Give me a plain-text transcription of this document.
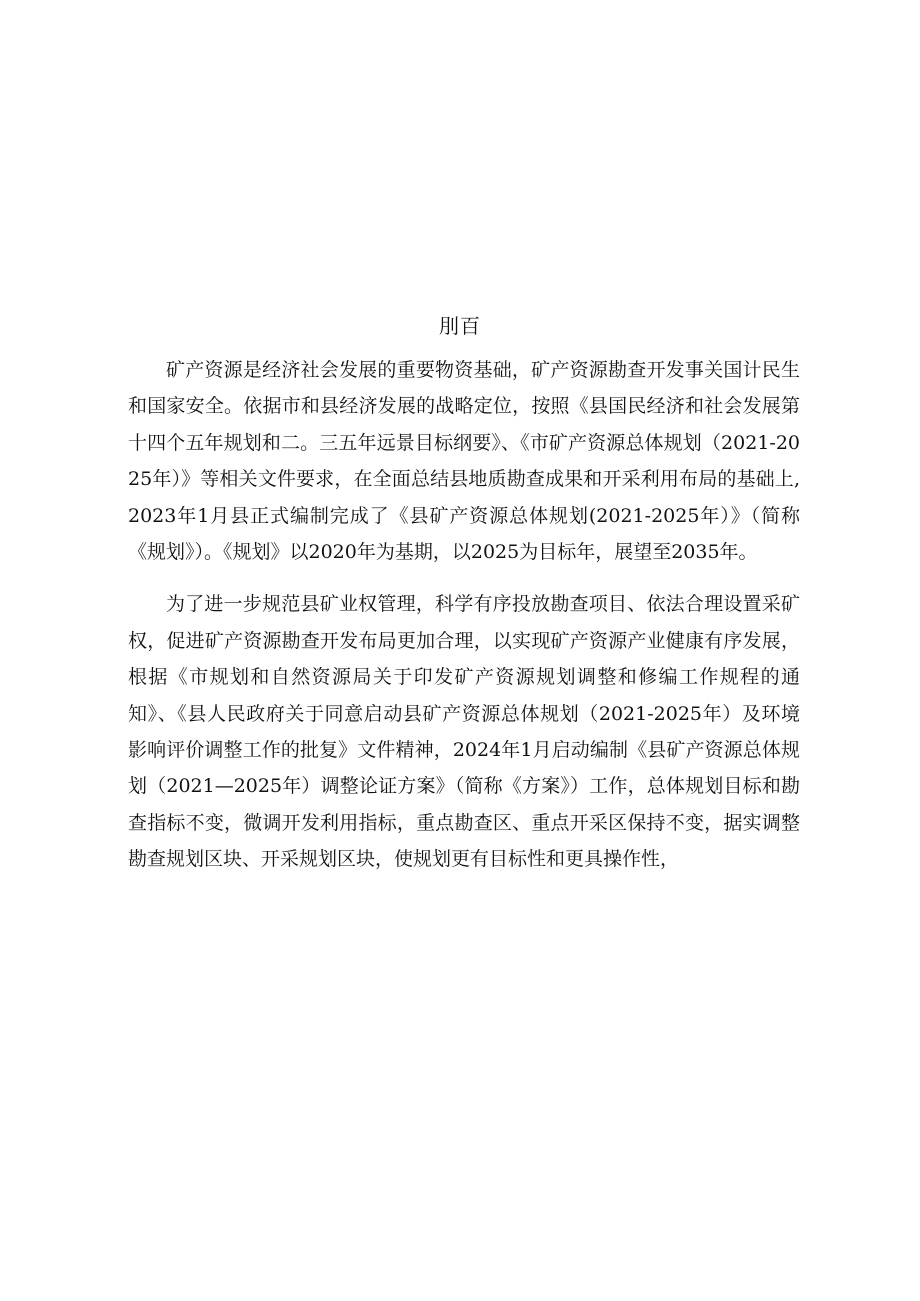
刖百

矿产资源是经济社会发展的重要物资基础，矿产资源勘查开发事关国计民生和国家安全。依据市和县经济发展的战略定位，按照《县国民经济和社会发展第十四个五年规划和二。三五年远景目标纲要》、《市矿产资源总体规划（2021-2025年）》等相关文件要求，在全面总结县地质勘查成果和开采利用布局的基础上,2023年1月县正式编制完成了《县矿产资源总体规划(2021-2025年）》（简称《规划》）。《规划》以2020年为基期，以2025为目标年，展望至2035年。

为了进一步规范县矿业权管理，科学有序投放勘查项目、依法合理设置采矿权，促进矿产资源勘查开发布局更加合理，以实现矿产资源产业健康有序发展，根据《市规划和自然资源局关于印发矿产资源规划调整和修编工作规程的通知》、《县人民政府关于同意启动县矿产资源总体规划（2021-2025年）及环境影响评价调整工作的批复》文件精神，2024年1月启动编制《县矿产资源总体规划（2021—2025年）调整论证方案》（简称《方案》）工作，总体规划目标和勘查指标不变，微调开发利用指标，重点勘查区、重点开采区保持不变，据实调整勘查规划区块、开采规划区块，使规划更有目标性和更具操作性，
